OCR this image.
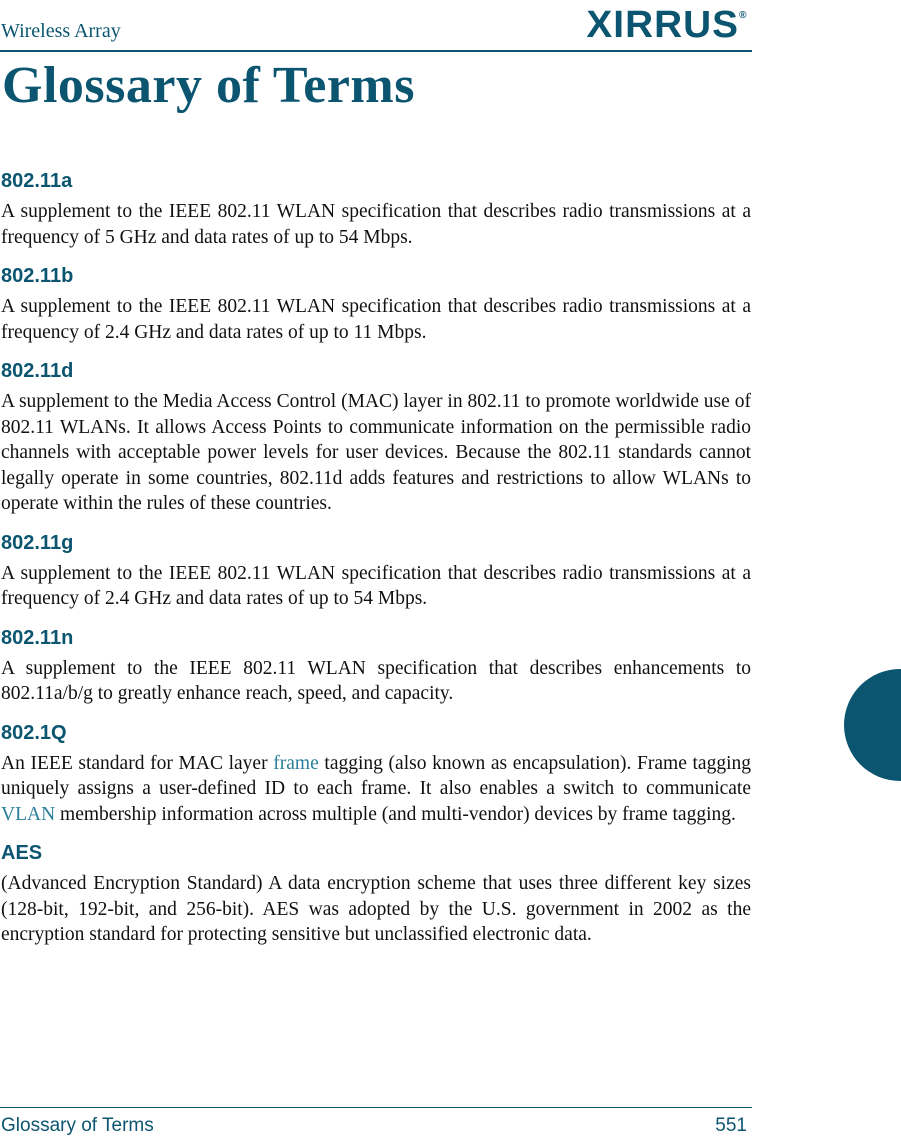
Wireless Array	XIRRUS®
Glossary of Terms
802.11a

A supplement to the IEEE 802.11 WLAN specification that describes radio transmissions at a frequency of 5 GHz and data rates of up to 54 Mbps.

802.11b

A supplement to the IEEE 802.11 WLAN specification that describes radio transmissions at a frequency of 2.4 GHz and data rates of up to 11 Mbps.

802.11d

A supplement to the Media Access Control (MAC) layer in 802.11 to promote worldwide use of 802.11 WLANs. It allows Access Points to communicate information on the permissible radio channels with acceptable power levels for user devices. Because the 802.11 standards cannot legally operate in some countries, 802.11d adds features and restrictions to allow WLANs to operate within the rules of these countries.

802.11g

A supplement to the IEEE 802.11 WLAN specification that describes radio transmissions at a frequency of 2.4 GHz and data rates of up to 54 Mbps.

802.11n

A supplement to the IEEE 802.11 WLAN specification that describes enhancements to 802.11a/b/g to greatly enhance reach, speed, and capacity.

802.1Q

An IEEE standard for MAC layer frame tagging (also known as encapsulation). Frame tagging uniquely assigns a user-defined ID to each frame. It also enables a switch to communicate VLAN membership information across multiple (and multi-vendor) devices by frame tagging.

AES

(Advanced Encryption Standard) A data encryption scheme that uses three different key sizes (128-bit, 192-bit, and 256-bit). AES was adopted by the U.S. government in 2002 as the encryption standard for protecting sensitive but unclassified electronic data.

Glossary of Terms	551
